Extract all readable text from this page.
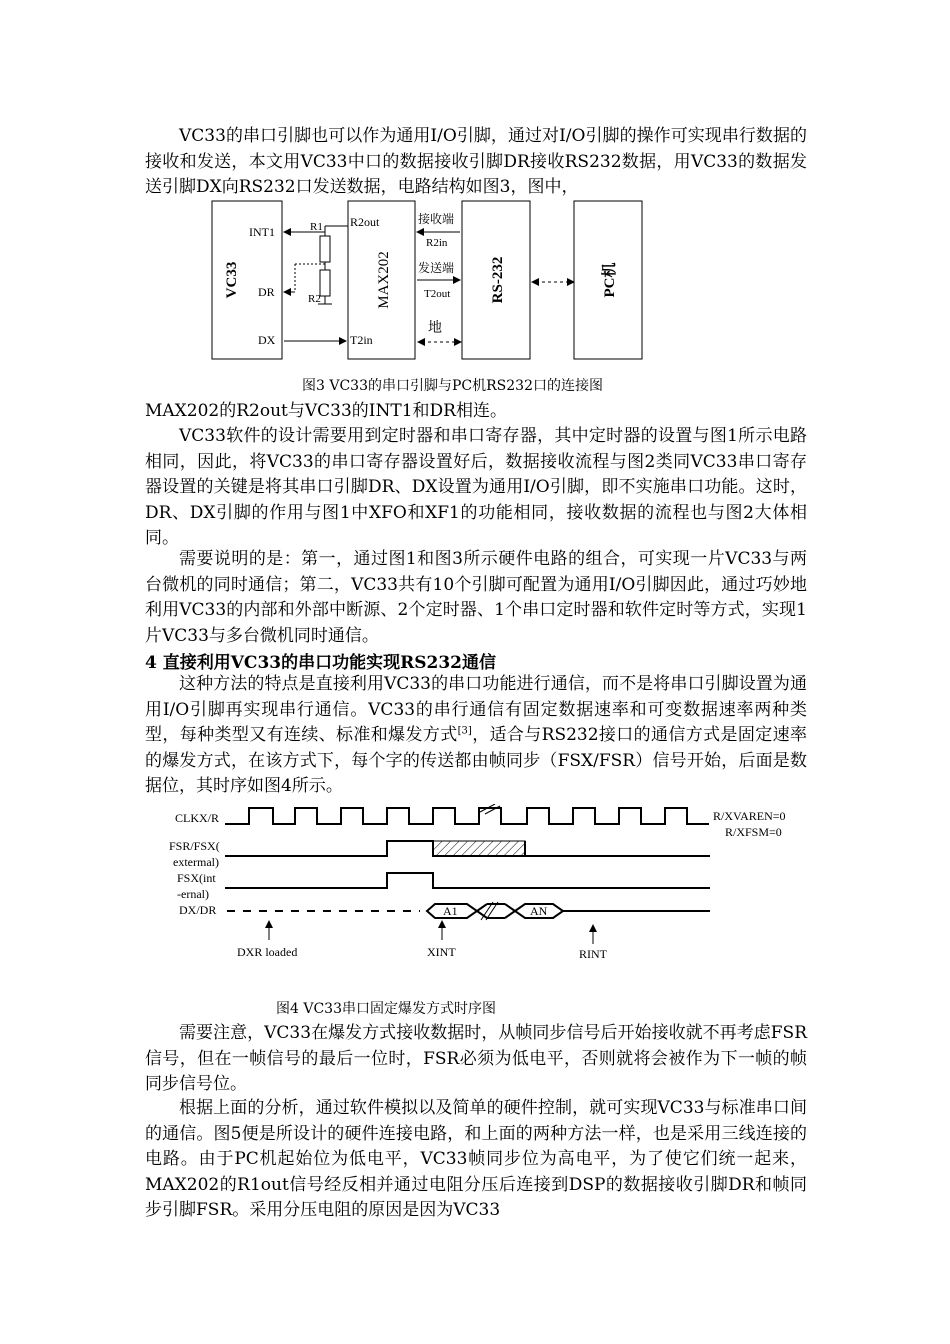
VC33的串口引脚也可以作为通用I/O引脚，通过对I/O引脚的操作可实现串行数据的接收和发送，本文用VC33中口的数据接收引脚DR接收RS232数据，用VC33的数据发送引脚DX向RS232口发送数据，电路结构如图3，图中，

VC33	MAX202	RS-232	PC机
INT1
DR
DX
R1
R2
R2out
T2in
接收端
R2in
发送端
T2out
地

图3 VC33的串口引脚与PC机RS232口的连接图

MAX202的R2out与VC33的INT1和DR相连。

VC33软件的设计需要用到定时器和串口寄存器，其中定时器的设置与图1所示电路相同，因此，将VC33的串口寄存器设置好后，数据接收流程与图2类同VC33串口寄存器设置的关键是将其串口引脚DR、DX设置为通用I/O引脚，即不实施串口功能。这时，DR、DX引脚的作用与图1中XFO和XF1的功能相同，接收数据的流程也与图2大体相同。

需要说明的是：第一，通过图1和图3所示硬件电路的组合，可实现一片VC33与两台微机的同时通信；第二，VC33共有10个引脚可配置为通用I/O引脚因此，通过巧妙地利用VC33的内部和外部中断源、2个定时器、1个串口定时器和软件定时等方式，实现1片VC33与多台微机同时通信。

4 直接利用VC33的串口功能实现RS232通信

这种方法的特点是直接利用VC33的串口功能进行通信，而不是将串口引脚设置为通用I/O引脚再实现串行通信。VC33的串行通信有固定数据速率和可变数据速率两种类型，每种类型又有连续、标准和爆发方式[3]，适合与RS232接口的通信方式是固定速率的爆发方式，在该方式下，每个字的传送都由帧同步（FSX/FSR）信号开始，后面是数据位，其时序如图4所示。

CLKX/R
FSR/FSX(
extermal)
FSX(int
-ernal)
DX/DR
R/XVAREN=0
R/XFSM=0
A1	AN
DXR loaded	XINT	RINT

图4 VC33串口固定爆发方式时序图

需要注意，VC33在爆发方式接收数据时，从帧同步信号后开始接收就不再考虑FSR信号，但在一帧信号的最后一位时，FSR必须为低电平，否则就将会被作为下一帧的帧同步信号位。

根据上面的分析，通过软件模拟以及简单的硬件控制，就可实现VC33与标准串口间的通信。图5便是所设计的硬件连接电路，和上面的两种方法一样，也是采用三线连接的电路。由于PC机起始位为低电平，VC33帧同步位为高电平，为了使它们统一起来，MAX202的R1out信号经反相并通过电阻分压后连接到DSP的数据接收引脚DR和帧同步引脚FSR。采用分压电阻的原因是因为VC33
